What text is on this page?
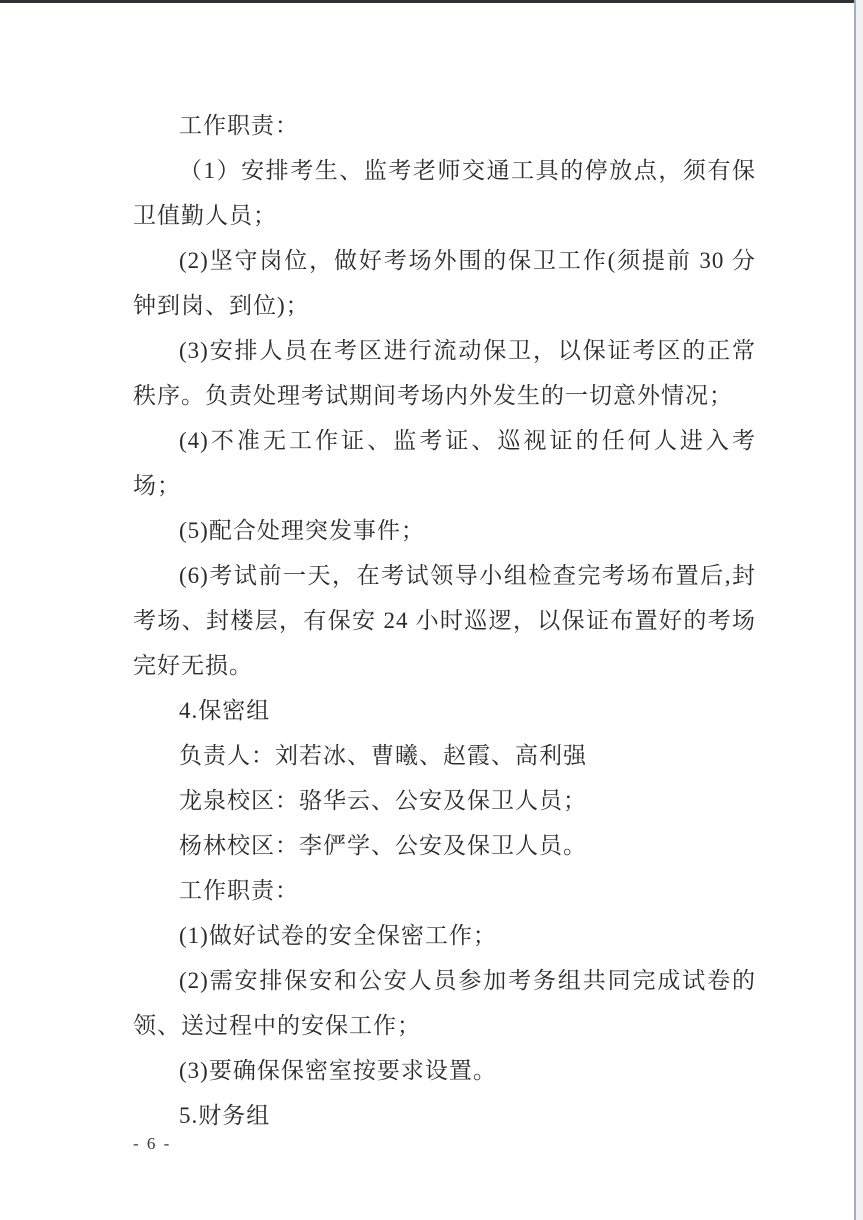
工作职责：

（1）安排考生、监考老师交通工具的停放点，须有保卫值勤人员；

(2)坚守岗位，做好考场外围的保卫工作(须提前 30 分钟到岗、到位)；

(3)安排人员在考区进行流动保卫，以保证考区的正常秩序。负责处理考试期间考场内外发生的一切意外情况；

(4)不准无工作证、监考证、巡视证的任何人进入考场；

(5)配合处理突发事件；

(6)考试前一天，在考试领导小组检查完考场布置后,封考场、封楼层，有保安 24 小时巡逻，以保证布置好的考场完好无损。

4.保密组

负责人：刘若冰、曹曦、赵霞、高利强

龙泉校区：骆华云、公安及保卫人员；

杨林校区：李俨学、公安及保卫人员。

工作职责：

(1)做好试卷的安全保密工作；

(2)需安排保安和公安人员参加考务组共同完成试卷的领、送过程中的安保工作；

(3)要确保保密室按要求设置。

5.财务组

- 6 -
